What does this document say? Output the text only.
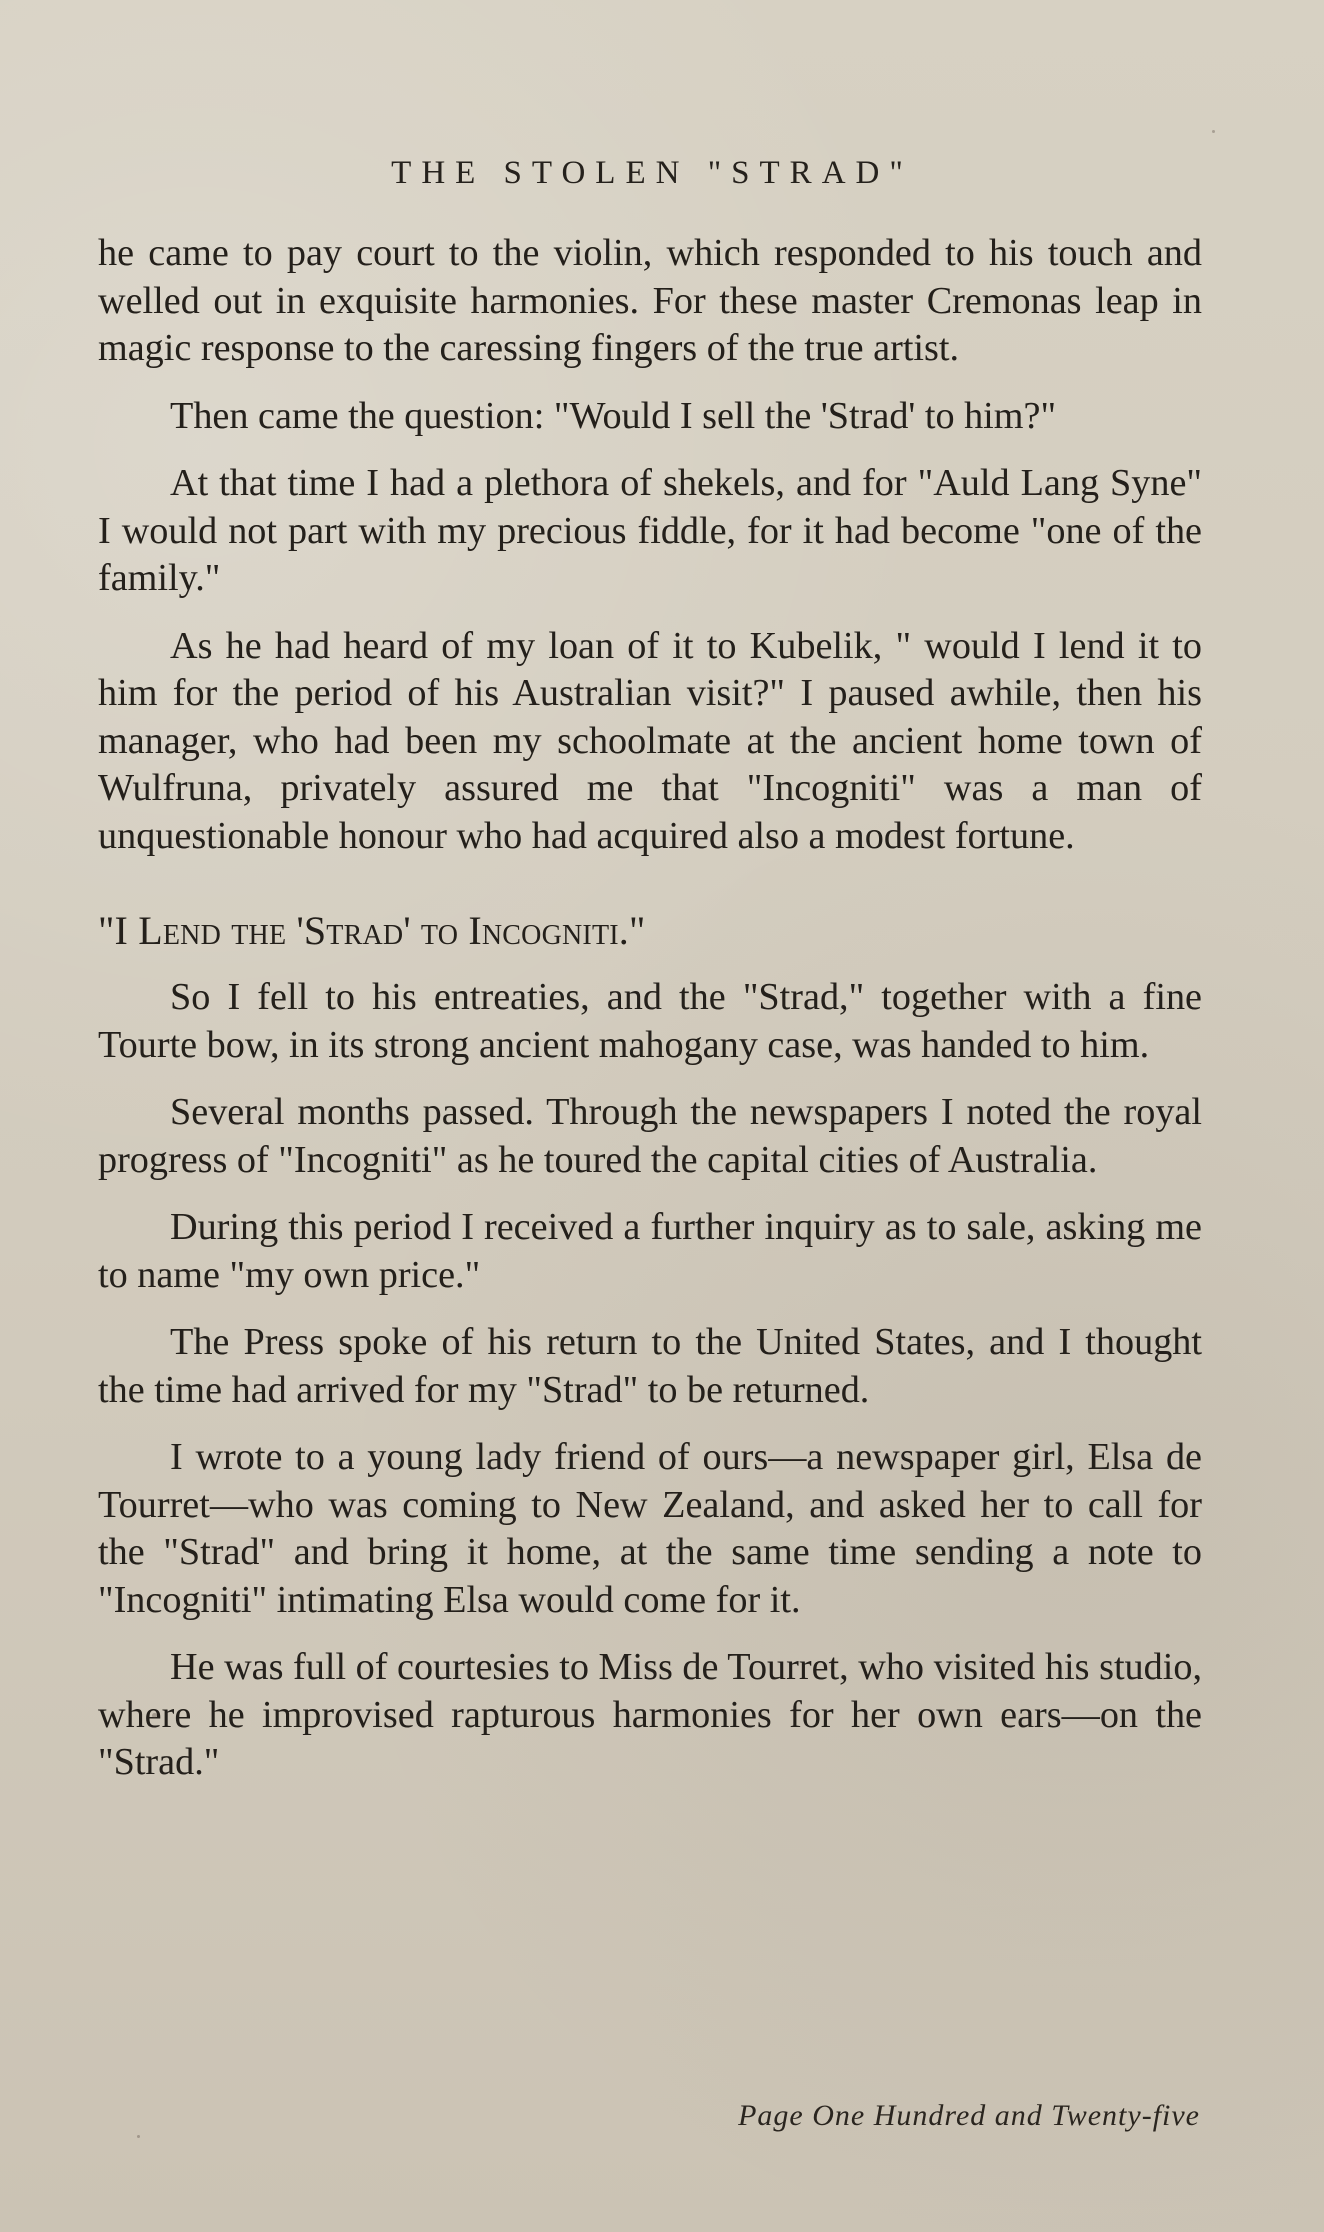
THE STOLEN "STRAD"

he came to pay court to the violin, which responded to his touch and welled out in exquisite harmonies. For these master Cremonas leap in magic response to the caressing fingers of the true artist.

Then came the question: "Would I sell the 'Strad' to him?"

At that time I had a plethora of shekels, and for "Auld Lang Syne" I would not part with my precious fiddle, for it had become "one of the family."

As he had heard of my loan of it to Kubelik, " would I lend it to him for the period of his Australian visit?" I paused awhile, then his manager, who had been my schoolmate at the ancient home town of Wulfruna, privately assured me that "Incogniti" was a man of unquestionable honour who had acquired also a modest fortune.

"I Lend the 'Strad' to Incogniti."

So I fell to his entreaties, and the "Strad," together with a fine Tourte bow, in its strong ancient mahogany case, was handed to him.

Several months passed. Through the newspapers I noted the royal progress of "Incogniti" as he toured the capital cities of Australia.

During this period I received a further inquiry as to sale, asking me to name "my own price."

The Press spoke of his return to the United States, and I thought the time had arrived for my "Strad" to be returned.

I wrote to a young lady friend of ours—a newspaper girl, Elsa de Tourret—who was coming to New Zealand, and asked her to call for the "Strad" and bring it home, at the same time sending a note to "Incogniti" intimating Elsa would come for it.

He was full of courtesies to Miss de Tourret, who visited his studio, where he improvised rapturous harmonies for her own ears—on the "Strad."

Page One Hundred and Twenty-five
